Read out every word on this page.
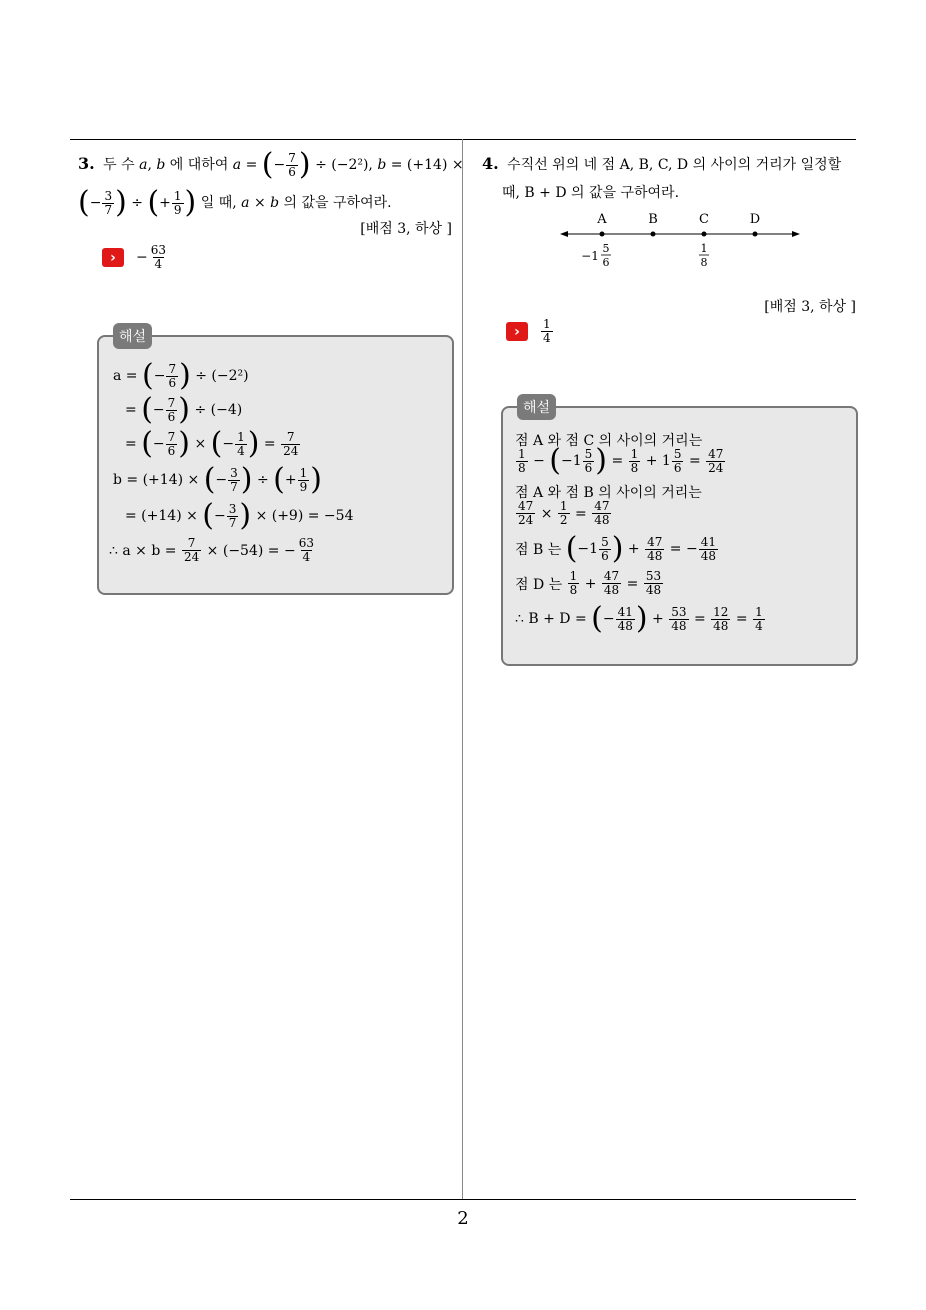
2
3. 두 수 a, b 에 대하여 a = (− $\frac{7}{6}$ ) ÷ (−2²), b = (+14) ×
(− $\frac{3}{7}$ ) ÷ (+ $\frac{1}{9}$ ) 일 때, a × b 의 값을 구하여라.
[배점 3, 하상 ]
›	− $\frac{63}{4}$
해설
a =
( − $\frac{7}{6}$ )
÷ (−2²)
=
( − $\frac{7}{6}$ )
÷ (−4)
=
( − $\frac{7}{6}$ )
×
( − $\frac{1}{4}$ )
=
$\frac{7}{24}$
b = (+14) ×
( − $\frac{3}{7}$ )
÷
( + $\frac{1}{9}$ )
= (+14) ×
( − $\frac{3}{7}$ )
× (+9) = −54
∴ a × b =
$\frac{7}{24}$
× (−54) = − $\frac{63}{4}$
4. 수직선 위의 네 점 A, B, C, D 의 사이의 거리가 일정할
때, B + D 의 값을 구하여라.
A	B	C	D
−1
5
6
1
8
[배점 3, 하상 ]
›	$\frac{1}{4}$
해설
점 A 와 점 C 의 사이의 거리는
$\frac{1}{8}$
−
( $-1 \frac{5}{6}$ )
=
$\frac{1}{8}$
+
$1 \frac{5}{6}$
=
$\frac{47}{24}$
점 A 와 점 B 의 사이의 거리는
$\frac{47}{24}$
×
$\frac{1}{2}$
=
$\frac{47}{48}$
점 B 는
( $-1 \frac{5}{6}$ )
+
$\frac{47}{48}$
=
− $\frac{41}{48}$
점 D 는
$\frac{1}{8}$
+
$\frac{47}{48}$
=
$\frac{53}{48}$
∴ B + D =
( − $\frac{41}{48}$ )
+
$\frac{53}{48}$
=
$\frac{12}{48}$
=
$\frac{1}{4}$
